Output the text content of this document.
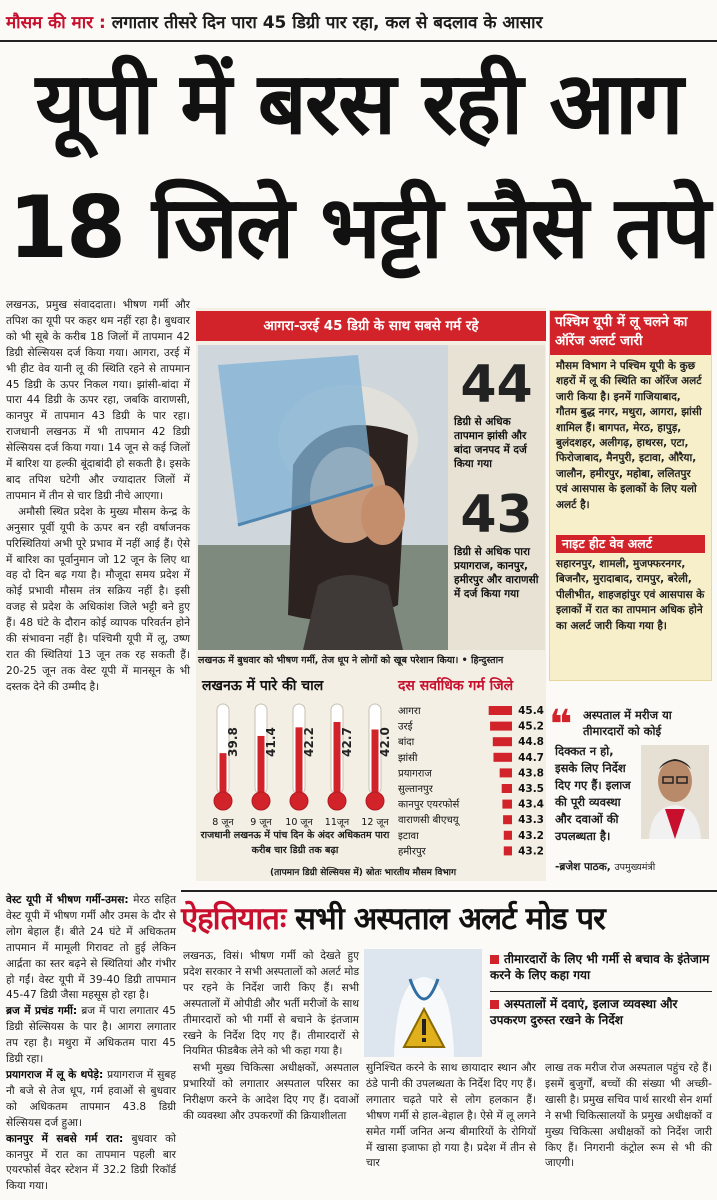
मौसम की मार : लगातार तीसरे दिन पारा 45 डिग्री पार रहा, कल से बदलाव के आसार
यूपी में बरस रही आग
18 जिले भट्टी जैसे तपे

लखनऊ, प्रमुख संवाददाता। भीषण गर्मी और तपिश का यूपी पर कहर थम नहीं रहा है। बुधवार को भी सूबे के करीब 18 जिलों में तापमान 42 डिग्री सेल्सियस दर्ज किया गया। आगरा, उरई में भी हीट वेव यानी लू की स्थिति रहने से तापमान 45 डिग्री के ऊपर निकल गया। झांसी-बांदा में पारा 44 डिग्री के ऊपर रहा, जबकि वाराणसी, कानपुर में तापमान 43 डिग्री के पार रहा। राजधानी लखनऊ में भी तापमान 42 डिग्री सेल्सियस दर्ज किया गया। 14 जून से कई जिलों में बारिश या हल्की बूंदाबांदी हो सकती है। इसके बाद तपिश घटेगी और ज्यादातर जिलों में तापमान में तीन से चार डिग्री नीचे आएगा।

अमौसी स्थित प्रदेश के मुख्य मौसम केन्द्र के अनुसार पूर्वी यूपी के ऊपर बन रही वर्षाजनक परिस्थितियां अभी पूरे प्रभाव में नहीं आई हैं। ऐसे में बारिश का पूर्वानुमान जो 12 जून के लिए था वह दो दिन बढ़ गया है। मौजूदा समय प्रदेश में कोई प्रभावी मौसम तंत्र सक्रिय नहीं है। इसी वजह से प्रदेश के अधिकांश जिले भट्टी बने हुए हैं। 48 घंटे के दौरान कोई व्यापक परिवर्तन होने की संभावना नहीं है। पश्चिमी यूपी में लू, उष्ण रात की स्थितियां 13 जून तक रह सकती हैं। 20-25 जून तक वेस्ट यूपी में मानसून के भी दस्तक देने की उम्मीद है।

वेस्ट यूपी में भीषण गर्मी-उमस: मेरठ सहित वेस्ट यूपी में भीषण गर्मी और उमस के दौर से लोग बेहाल हैं। बीते 24 घंटे में अधिकतम तापमान में मामूली गिरावट तो हुई लेकिन आर्द्रता का स्तर बढ़ने से स्थितियां और गंभीर हो गईं। वेस्ट यूपी में 39-40 डिग्री तापमान 45-47 डिग्री जैसा महसूस हो रहा है।

ब्रज में प्रचंड गर्मी: ब्रज में पारा लगातार 45 डिग्री सेल्सियस के पार है। आगरा लगातार तप रहा है। मथुरा में अधिकतम पारा 45 डिग्री रहा।

प्रयागराज में लू के थपेड़े: प्रयागराज में सुबह नौ बजे से तेज धूप, गर्म हवाओं से बुधवार को अधिकतम तापमान 43.8 डिग्री सेल्सियस दर्ज हुआ।

कानपुर में सबसे गर्म रात: बुधवार को कानपुर में रात का तापमान पहली बार एयरफोर्स वेदर स्टेशन में 32.2 डिग्री रिकॉर्ड किया गया।

आगरा-उरई 45 डिग्री के साथ सबसे गर्म रहे
44
डिग्री से अधिक तापमान झांसी और बांदा जनपद में दर्ज किया गया
43
डिग्री से अधिक पारा प्रयागराज, कानपुर, हमीरपुर और वाराणसी में दर्ज किया गया
लखनऊ में बुधवार को भीषण गर्मी, तेज धूप ने लोगों को खूब परेशान किया। • हिन्दुस्तान
लखनऊ में पारे की चाल
39.8
8 जून
41.4
9 जून
42.2
10 जून
42.7
11जून
42.0
12 जून
राजधानी लखनऊ में पांच दिन के अंदर अधिकतम पारा करीब चार डिग्री तक बढ़ा
दस सर्वाधिक गर्म जिले
आगरा	45.4
उरई	45.2
बांदा	44.8
झांसी	44.7
प्रयागराज	43.8
सुल्तानपुर	43.5
कानपुर एयरफोर्स	43.4
वाराणसी बीएचयू	43.3
इटावा	43.2
हमीरपुर	43.2
(तापमान डिग्री सेल्सियस में) स्रोतः भारतीय मौसम विभाग
पश्चिम यूपी में लू चलने का ऑरेंज अलर्ट जारी
मौसम विभाग ने पश्चिम यूपी के कुछ शहरों में लू की स्थिति का ऑरेंज अलर्ट जारी किया है। इनमें गाजियाबाद, गौतम बुद्ध नगर, मथुरा, आगरा, झांसी शामिल हैं। बागपत, मेरठ, हापुड़, बुलंदशहर, अलीगढ़, हाथरस, एटा, फिरोजाबाद, मैनपुरी, इटावा, औरैया, जालौन, हमीरपुर, महोबा, ललितपुर एवं आसपास के इलाकों के लिए यलो अलर्ट है।
नाइट हीट वेव अलर्ट
सहारनपुर, शामली, मुजफ्फरनगर, बिजनौर, मुरादाबाद, रामपुर, बरेली, पीलीभीत, शाहजहांपुर एवं आसपास के इलाकों में रात का तापमान अधिक होने का अलर्ट जारी किया गया है।
❝ अस्पताल में मरीज या तीमारदारों को कोई
दिक्कत न हो, इसके लिए निर्देश दिए गए हैं। इलाज की पूरी व्यवस्था और दवाओं की उपलब्धता है।
-ब्रजेश पाठक, उपमुख्यमंत्री
ऐहतियातः सभी अस्पताल अलर्ट मोड पर
लखनऊ, विसं। भीषण गर्मी को देखते हुए प्रदेश सरकार ने सभी अस्पतालों को अलर्ट मोड पर रहने के निर्देश जारी किए हैं। सभी अस्पतालों में ओपीडी और भर्ती मरीजों के साथ तीमारदारों को भी गर्मी से बचाने के इंतजाम रखने के निर्देश दिए गए हैं। तीमारदारों से नियमित फीडबैक लेने को भी कहा गया है।
तीमारदारों के लिए भी गर्मी से बचाव के इंतेजाम करने के लिए कहा गया
अस्पतालों में दवाएं, इलाज व्यवस्था और उपकरण दुरुस्त रखने के निर्देश
सभी मुख्य चिकित्सा अधीक्षकों, अस्पताल प्रभारियों को लगातार अस्पताल परिसर का निरीक्षण करने के आदेश दिए गए हैं। दवाओं की व्यवस्था और उपकरणों की क्रियाशीलता
सुनिश्चित करने के साथ छायादार स्थान और ठंडे पानी की उपलब्धता के निर्देश दिए गए हैं। लगातार चढ़ते पारे से लोग हलकान हैं। भीषण गर्मी से हाल-बेहाल है। ऐसे में लू लगने समेत गर्मी जनित अन्य बीमारियों के रोगियों में खासा इजाफा हो गया है। प्रदेश में तीन से चार
लाख तक मरीज रोज अस्पताल पहुंच रहे हैं। इसमें बुजुर्गों, बच्चों की संख्या भी अच्छी-खासी है। प्रमुख सचिव पार्थ सारथी सेन शर्मा ने सभी चिकित्सालयों के प्रमुख अधीक्षकों व मुख्य चिकित्सा अधीक्षकों को निर्देश जारी किए हैं। निगरानी कंट्रोल रूम से भी की जाएगी।
